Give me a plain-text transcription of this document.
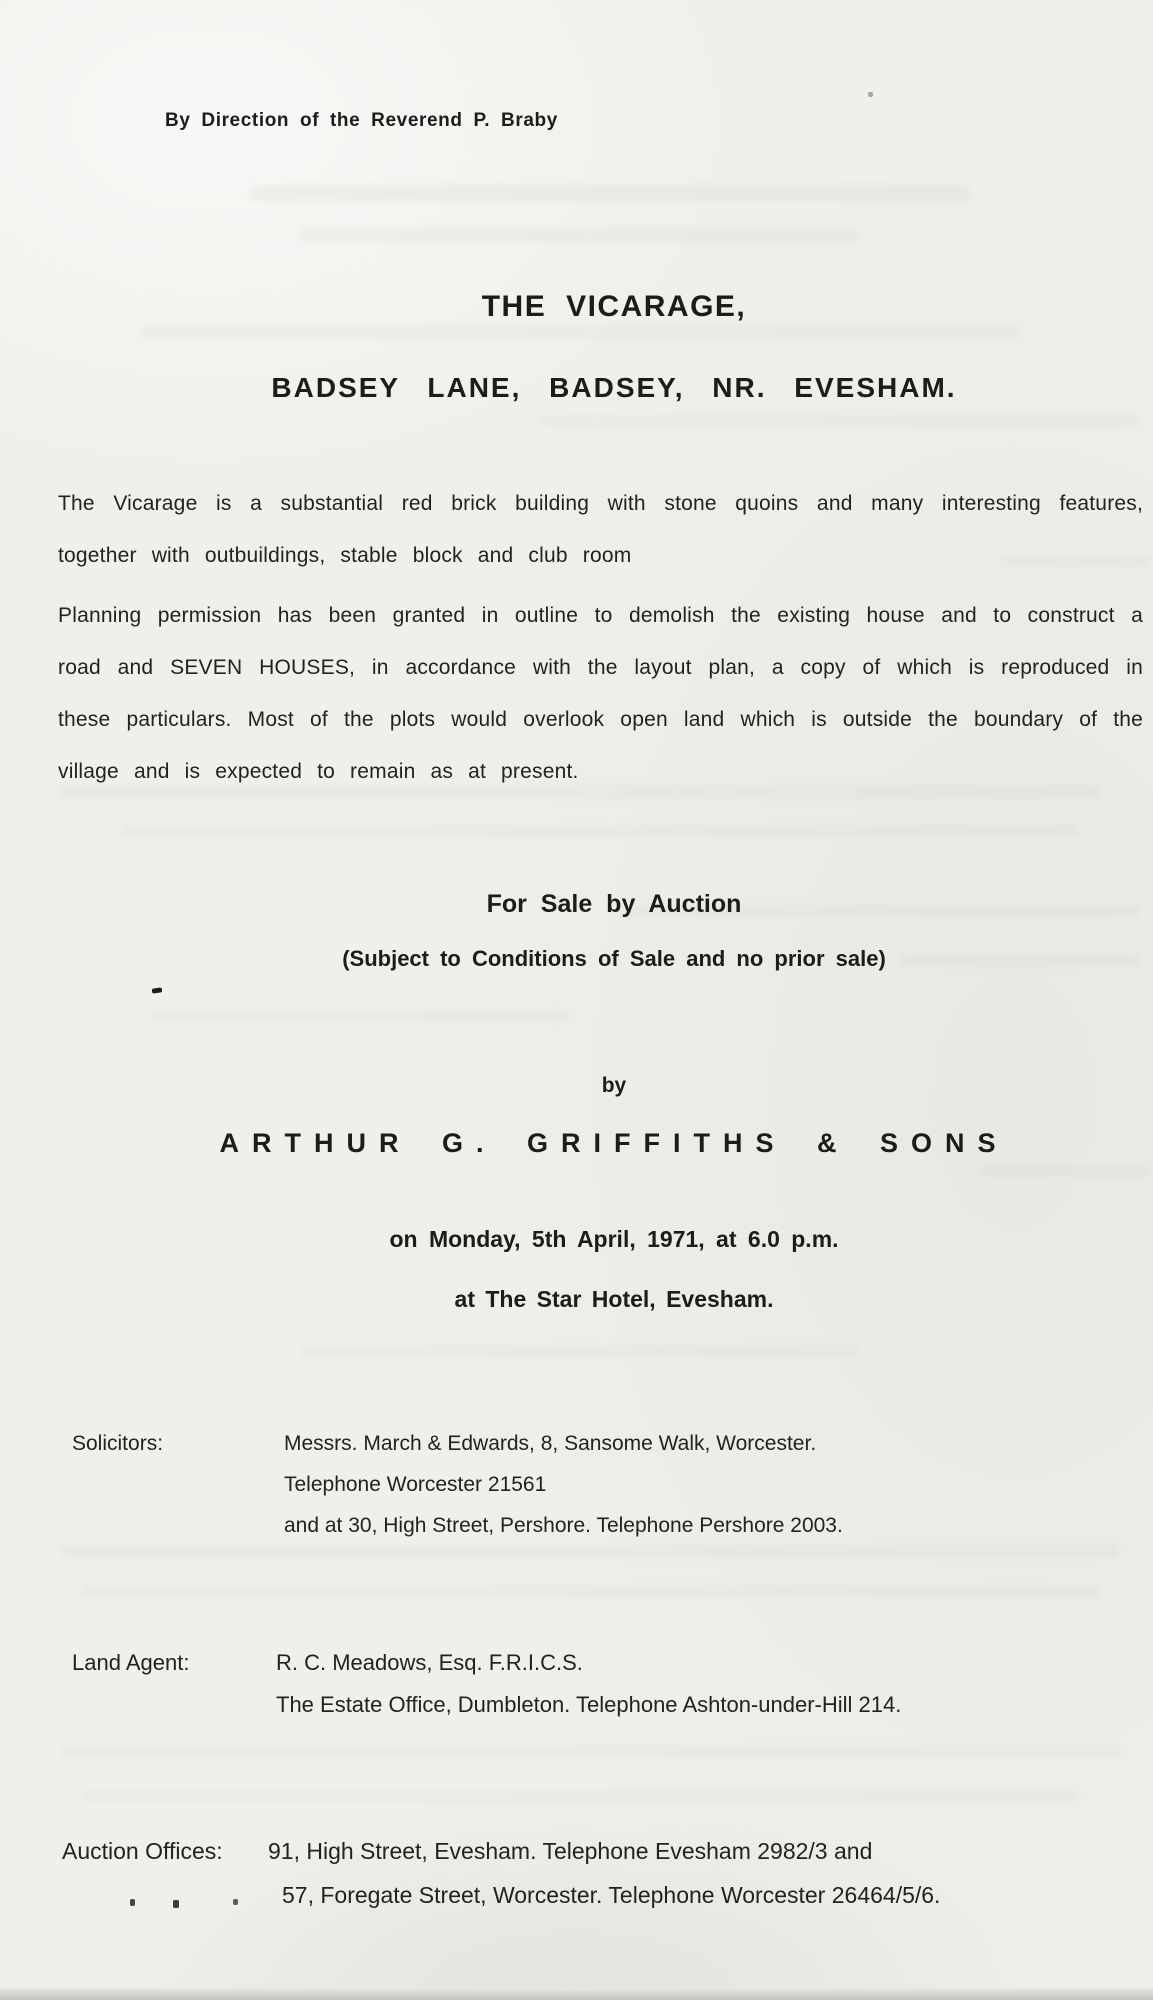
By Direction of the Reverend P. Braby
THE VICARAGE,
BADSEY LANE, BADSEY, NR. EVESHAM.

The Vicarage is a substantial red brick building with stone quoins and many interesting features, together with outbuildings, stable block and club room

Planning permission has been granted in outline to demolish the existing house and to construct a road and SEVEN HOUSES, in accordance with the layout plan, a copy of which is reproduced in these particulars. Most of the plots would overlook open land which is outside the boundary of the village and is expected to remain as at present.

For Sale by Auction
(Subject to Conditions of Sale and no prior sale)
by
ARTHUR G. GRIFFITHS & SONS
on Monday, 5th April, 1971, at 6.0 p.m.
at The Star Hotel, Evesham.
Solicitors:	Messrs. March & Edwards, 8, Sansome Walk, Worcester.
Telephone Worcester 21561
and at 30, High Street, Pershore. Telephone Pershore 2003.
Land Agent:	R. C. Meadows, Esq. F.R.I.C.S.
The Estate Office, Dumbleton. Telephone Ashton-under-Hill 214.
Auction Offices: 91, High Street, Evesham. Telephone Evesham 2982/3 and
57, Foregate Street, Worcester. Telephone Worcester 26464/5/6.
